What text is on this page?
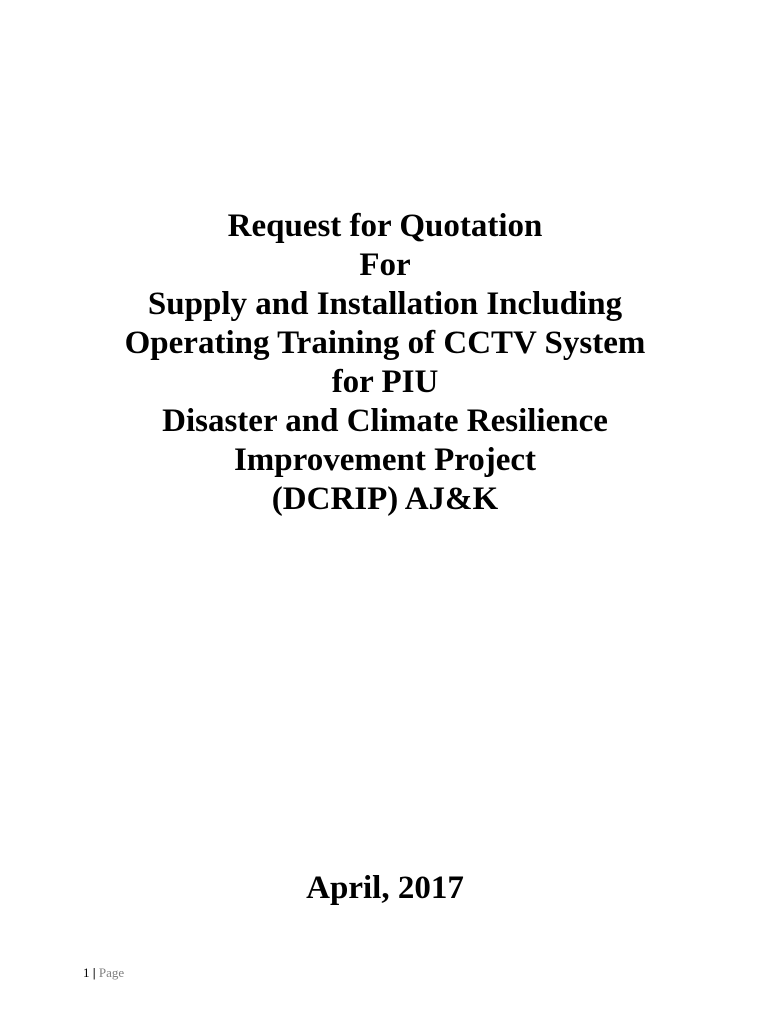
Request for Quotation
For
Supply and Installation Including
Operating Training of CCTV System
for PIU
Disaster and Climate Resilience
Improvement Project
(DCRIP) AJ&K
April, 2017
1 | Page
